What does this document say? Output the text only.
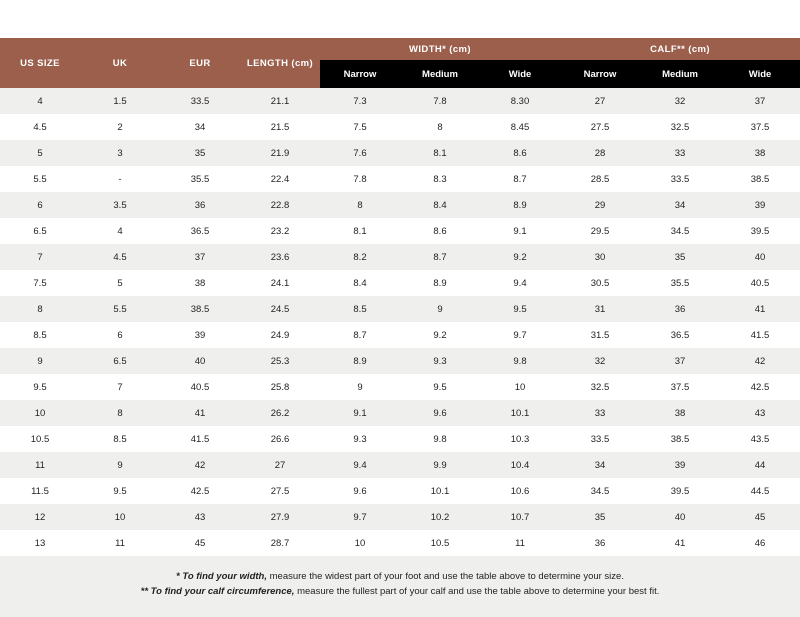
US SIZE	UK	EUR	LENGTH (cm)	WIDTH* (cm)			CALF** (cm)		
				Narrow	Medium	Wide	Narrow	Medium	Wide
4	1.5	33.5	21.1	7.3	7.8	8.30	27	32	37
4.5	2	34	21.5	7.5	8	8.45	27.5	32.5	37.5
5	3	35	21.9	7.6	8.1	8.6	28	33	38
5.5	-	35.5	22.4	7.8	8.3	8.7	28.5	33.5	38.5
6	3.5	36	22.8	8	8.4	8.9	29	34	39
6.5	4	36.5	23.2	8.1	8.6	9.1	29.5	34.5	39.5
7	4.5	37	23.6	8.2	8.7	9.2	30	35	40
7.5	5	38	24.1	8.4	8.9	9.4	30.5	35.5	40.5
8	5.5	38.5	24.5	8.5	9	9.5	31	36	41
8.5	6	39	24.9	8.7	9.2	9.7	31.5	36.5	41.5
9	6.5	40	25.3	8.9	9.3	9.8	32	37	42
9.5	7	40.5	25.8	9	9.5	10	32.5	37.5	42.5
10	8	41	26.2	9.1	9.6	10.1	33	38	43
10.5	8.5	41.5	26.6	9.3	9.8	10.3	33.5	38.5	43.5
11	9	42	27	9.4	9.9	10.4	34	39	44
11.5	9.5	42.5	27.5	9.6	10.1	10.6	34.5	39.5	44.5
12	10	43	27.9	9.7	10.2	10.7	35	40	45
13	11	45	28.7	10	10.5	11	36	41	46
* To find your width, measure the widest part of your foot and use the table above to determine your size.
** To find your calf circumference, measure the fullest part of your calf and use the table above to determine your best fit.
